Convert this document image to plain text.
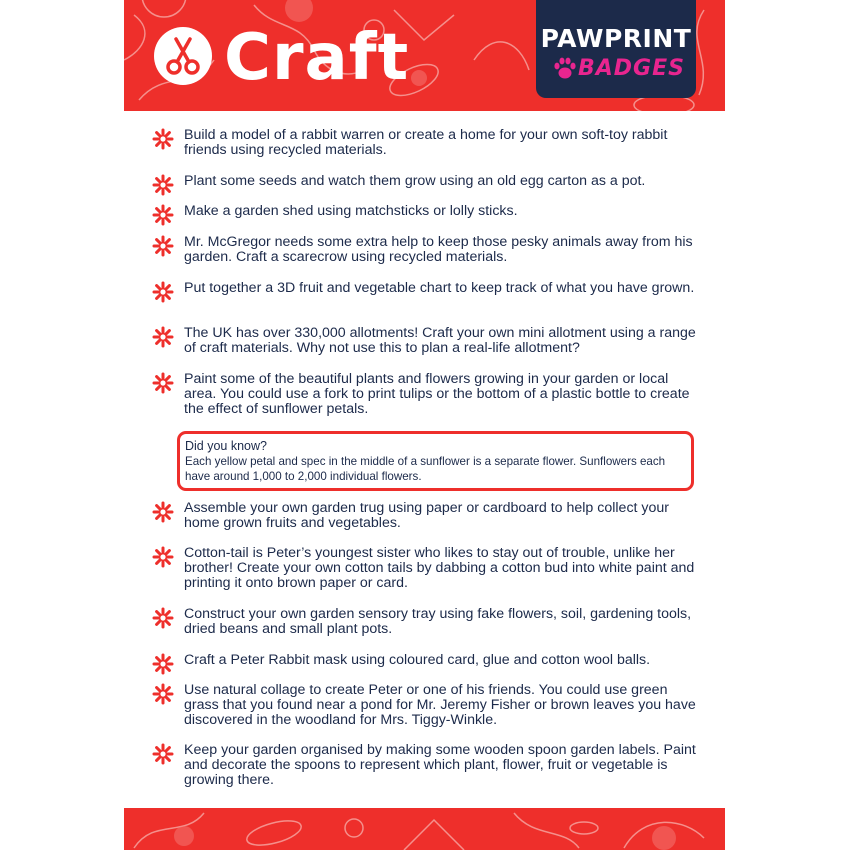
Craft	PAWPRINT
BADGES
Build a model of a rabbit warren or create a home for your own soft-toy rabbit friends using recycled materials.
Plant some seeds and watch them grow using an old egg carton as a pot.
Make a garden shed using matchsticks or lolly sticks.
Mr. McGregor needs some extra help to keep those pesky animals away from his garden. Craft a scarecrow using recycled materials.
Put together a 3D fruit and vegetable chart to keep track of what you have grown.
The UK has over 330,000 allotments! Craft your own mini allotment using a range of craft materials. Why not use this to plan a real-life allotment?
Paint some of the beautiful plants and flowers growing in your garden or local area. You could use a fork to print tulips or the bottom of a plastic bottle to create the effect of sunflower petals.
Assemble your own garden trug using paper or cardboard to help collect your home grown fruits and vegetables.
Cotton-tail is Peter’s youngest sister who likes to stay out of trouble, unlike her brother! Create your own cotton tails by dabbing a cotton bud into white paint and printing it onto brown paper or card.
Construct your own garden sensory tray using fake flowers, soil, gardening tools, dried beans and small plant pots.
Craft a Peter Rabbit mask using coloured card, glue and cotton wool balls.
Use natural collage to create Peter or one of his friends. You could use green grass that you found near a pond for Mr. Jeremy Fisher or brown leaves you have discovered in the woodland for Mrs. Tiggy-Winkle.
Keep your garden organised by making some wooden spoon garden labels. Paint and decorate the spoons to represent which plant, flower, fruit or vegetable is growing there.
Did you know?
Each yellow petal and spec in the middle of a sunflower is a separate flower. Sunflowers each have around 1,000 to 2,000 individual flowers.
